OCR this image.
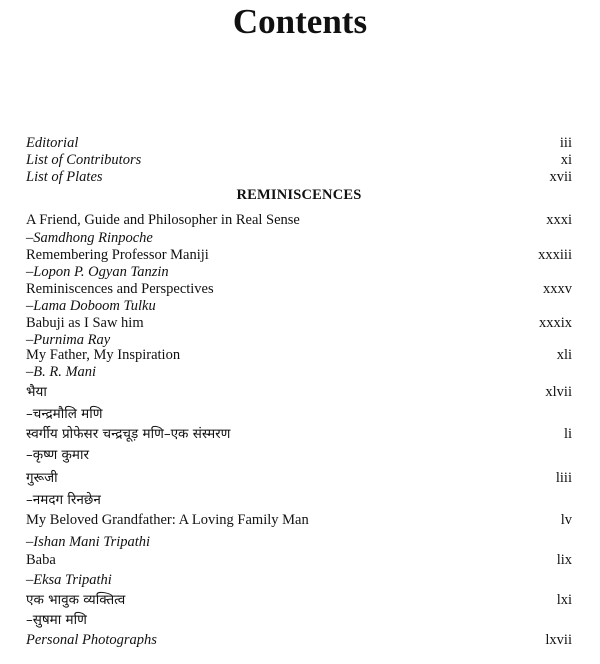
Contents
Editorial	iii
List of Contributors	xi
List of Plates	xvii
REMINISCENCES
A Friend, Guide and Philosopher in Real Sense	xxxi
–Samdhong Rinpoche
Remembering Professor Maniji	xxxiii
–Lopon P. Ogyan Tanzin
Reminiscences and Perspectives	xxxv
–Lama Doboom Tulku
Babuji as I Saw him	xxxix
–Purnima Ray
My Father, My Inspiration	xli
–B. R. Mani
भैया	xlvii
–चन्द्रमौलि मणि
स्वर्गीय प्रोफेसर चन्द्रचूड़ मणि–एक संस्मरण	li
–कृष्ण कुमार
गुरूजी	liii
–नमदग रिनछेन
My Beloved Grandfather: A Loving Family Man	lv
–Ishan Mani Tripathi
Baba	lix
–Eksa Tripathi
एक भावुक व्यक्तित्व	lxi
–सुषमा मणि
Personal Photographs	lxvii
